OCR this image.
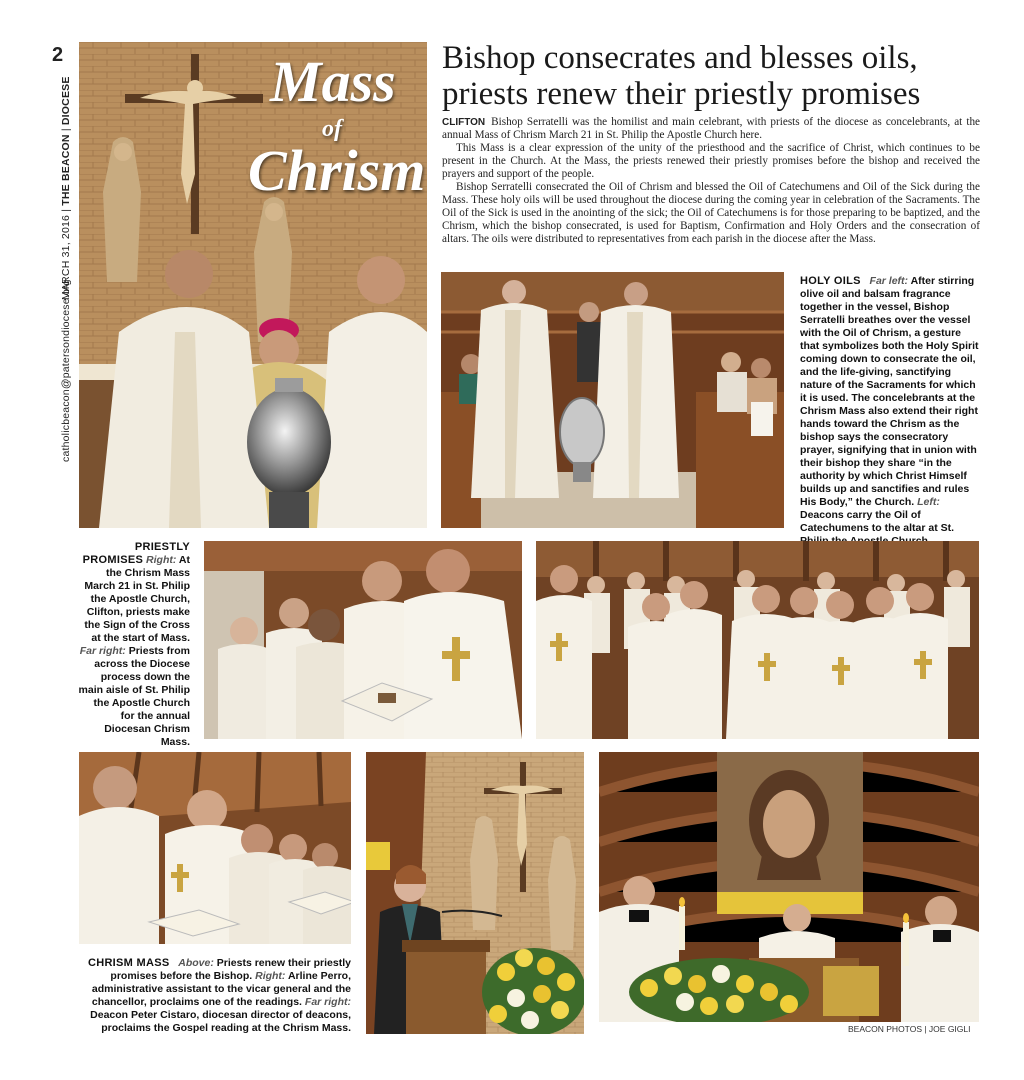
2
MARCH 31, 2016 | THE BEACON | DIOCESE
catholicbeacon@patersondiocese.org
Mass
of
Chrism
Bishop consecrates and blesses oils,
priests renew their priestly promises

CLIFTON Bishop Serratelli was the homilist and main celebrant, with priests of the diocese as concelebrants, at the annual Mass of Chrism March 21 in St. Philip the Apostle Church here.

This Mass is a clear expression of the unity of the priesthood and the sacrifice of Christ, which continues to be present in the Church. At the Mass, the priests renewed their priestly promises before the bishop and received the prayers and support of the people.

Bishop Serratelli consecrated the Oil of Chrism and blessed the Oil of Catechumens and Oil of the Sick during the Mass. These holy oils will be used throughout the diocese during the coming year in celebration of the Sacraments. The Oil of the Sick is used in the anointing of the sick; the Oil of Catechumens is for those preparing to be baptized, and the Chrism, which the bishop consecrated, is used for Baptism, Confirmation and Holy Orders and the consecration of altars. The oils were distributed to representatives from each parish in the diocese after the Mass.

HOLY OILS Far left: After stirring olive oil and balsam fragrance together in the vessel, Bishop Serratelli breathes over the vessel with the Oil of Chrism, a gesture that symbolizes both the Holy Spirit coming down to consecrate the oil, and the life-giving, sanctifying nature of the Sacraments for which it is used. The concelebrants at the Chrism Mass also extend their right hands toward the Chrism as the bishop says the consecratory prayer, signifying that in union with their bishop they share “in the authority by which Christ Himself builds up and sanctifies and rules His Body,” the Church. Left: Deacons carry the Oil of Catechumens to the altar at St.
PRIESTLY
PROMISES Right: At the Chrism Mass March 21 in St. Philip the Apostle Church, Clifton, priests make the Sign of the Cross at the start of Mass. Far right: Priests from across the Diocese process down the main aisle of St. Philip the Apostle Church for the annual Diocesan Chrism Mass.
CHRISM MASS Above: Priests renew their priestly promises before the Bishop. Right: Arline Perro, administrative assistant to the vicar general and the chancellor, proclaims one of the readings. Far right: Deacon Peter Cistaro, diocesan director of deacons, proclaims the Gospel reading at the Chrism Mass.	BEACON PHOTOS | JOE GIGLI
